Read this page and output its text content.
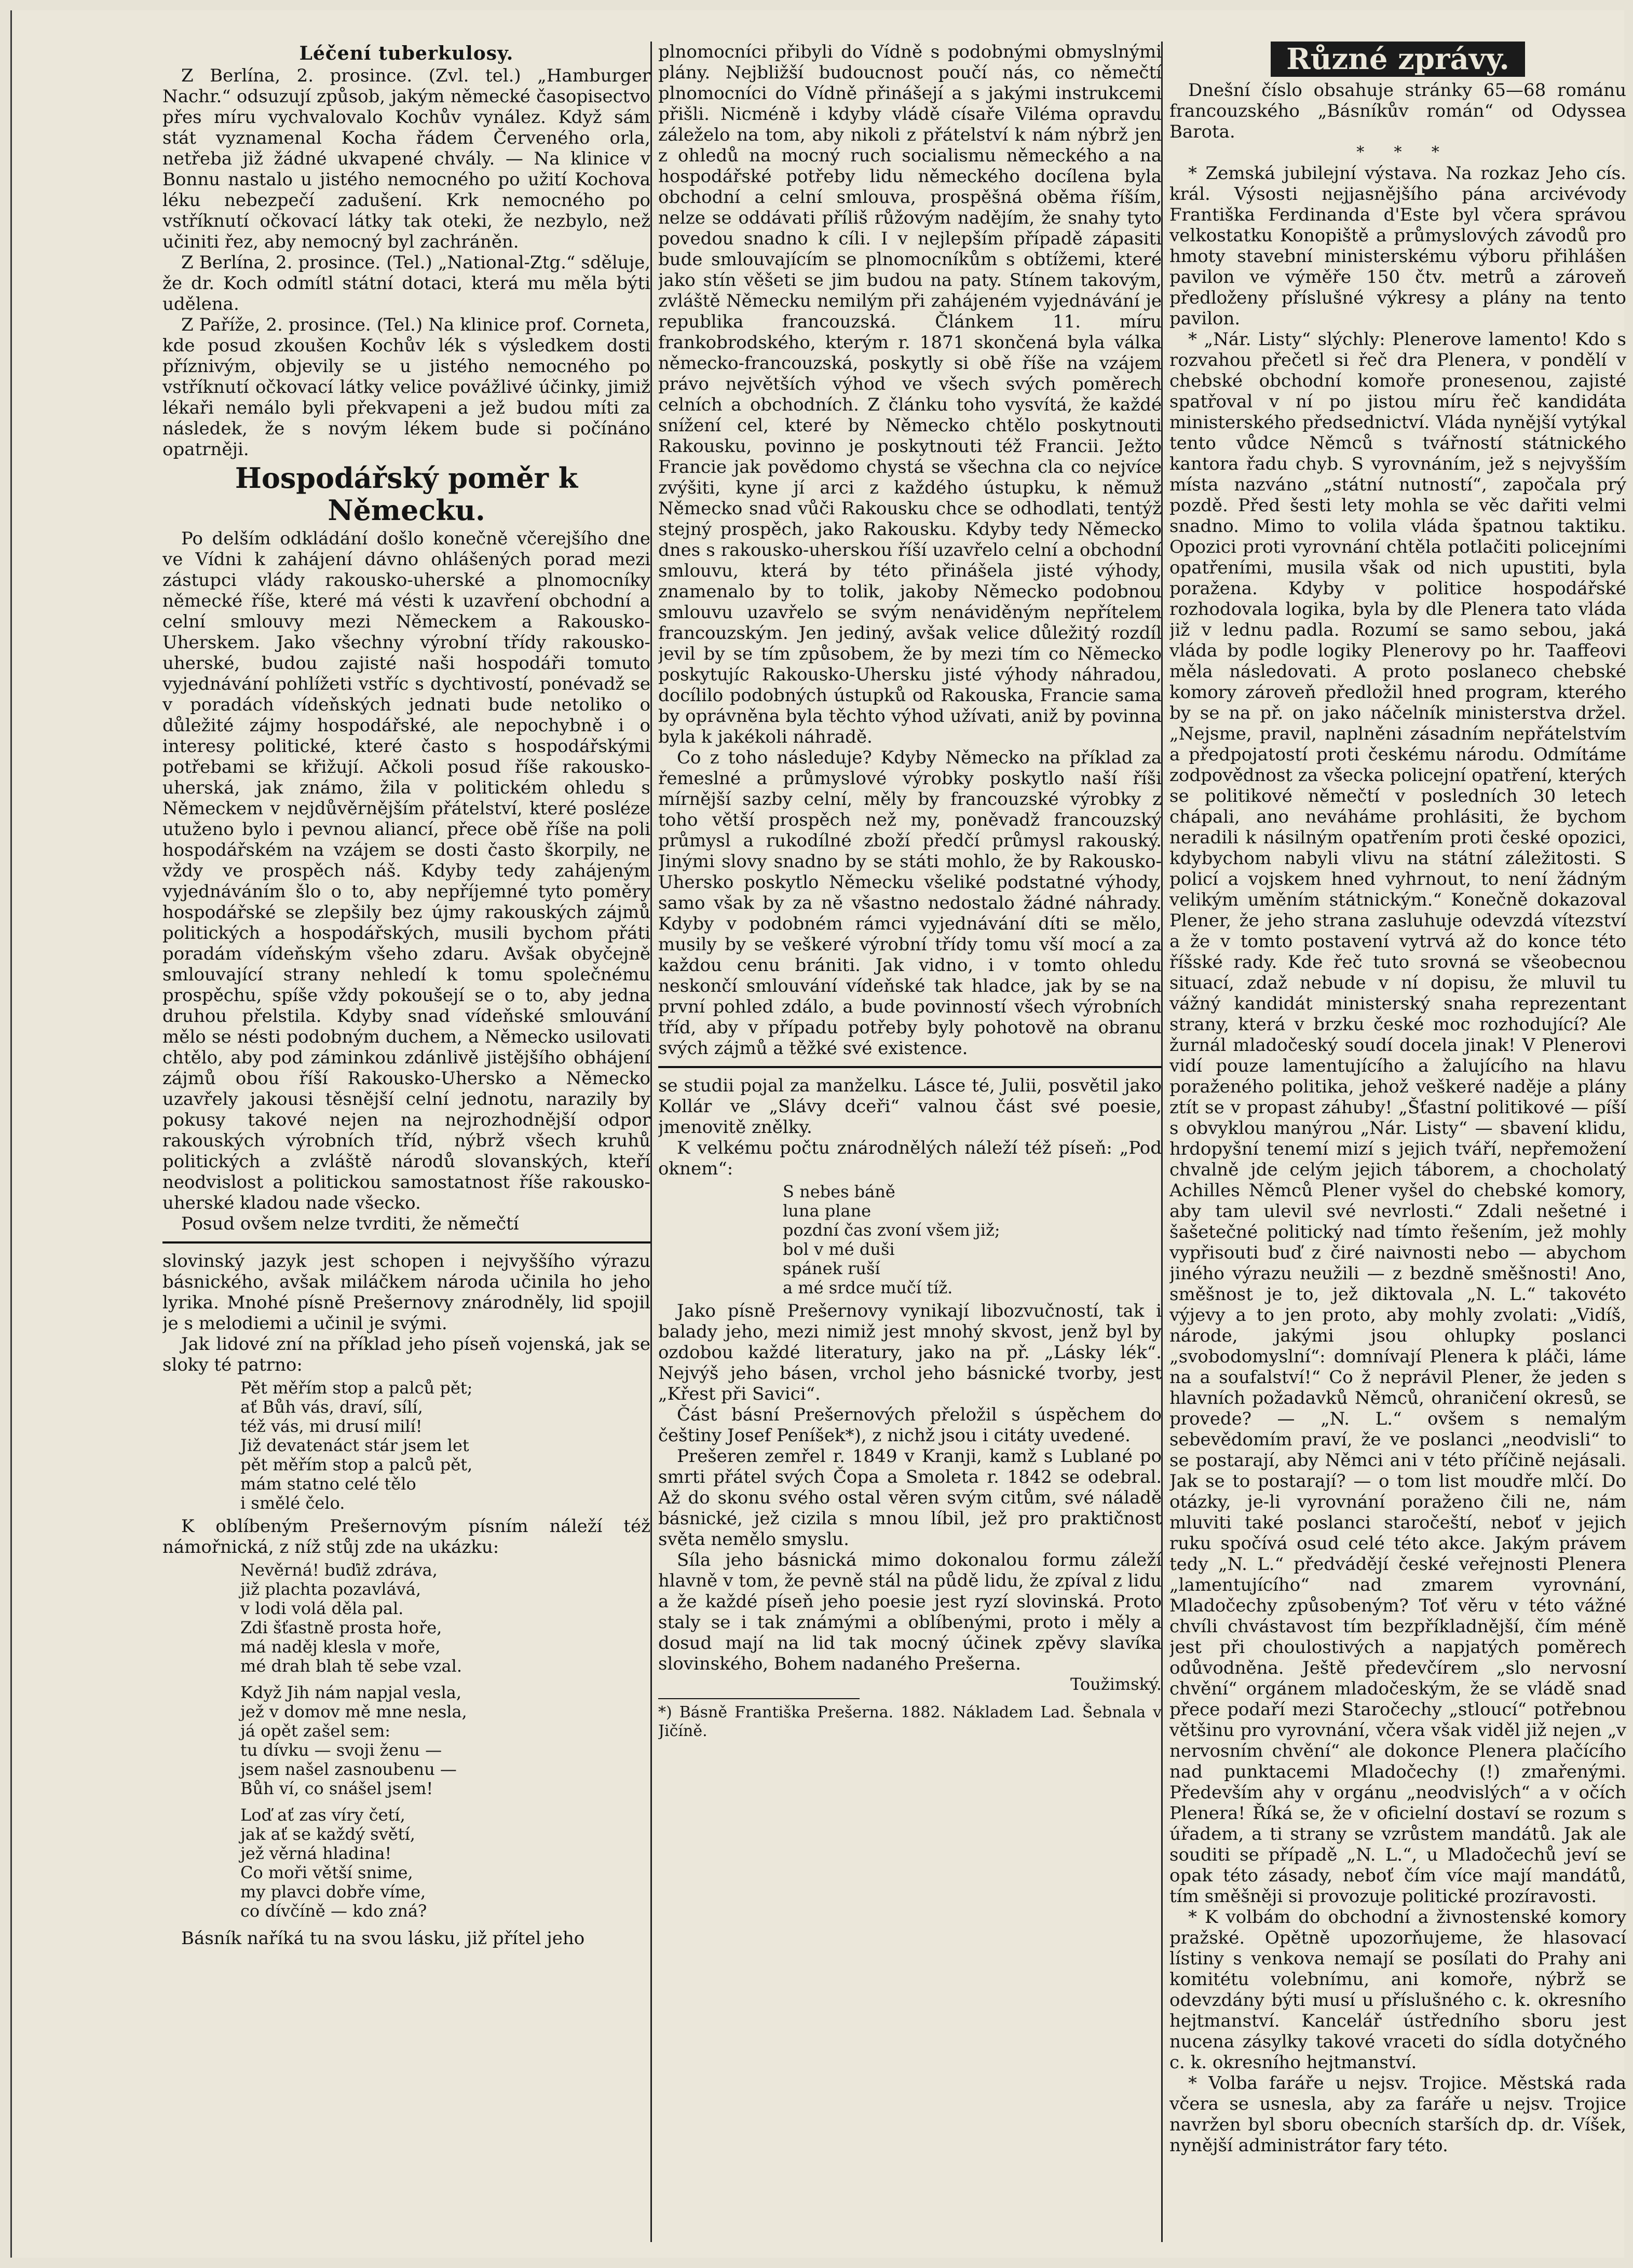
Léčení tuberkulosy.

Z Berlína, 2. prosince. (Zvl. tel.) „Hamburger Nachr.“ odsuzují způsob, jakým německé časopisectvo přes míru vychvalovalo Kochův vynález. Když sám stát vyznamenal Kocha řádem Červeného orla, netřeba již žádné ukvapené chvály. — Na klinice v Bonnu nastalo u jistého nemocného po užití Kochova léku nebezpečí zadušení. Krk nemocného po vstříknutí očkovací látky tak oteki, že nezbylo, než učiniti řez, aby nemocný byl zachráněn.

Z Berlína, 2. prosince. (Tel.) „National-Ztg.“ sděluje, že dr. Koch odmítl státní dotaci, která mu měla býti udělena.

Z Paříže, 2. prosince. (Tel.) Na klinice prof. Corneta, kde posud zkoušen Kochův lék s výsledkem dosti příznivým, objevily se u jistého nemocného po vstříknutí očkovací látky velice povážlivé účinky, jimiž lékaři nemálo byli překvapeni a jež budou míti za následek, že s novým lékem bude si počínáno opatrněji.

Hospodářský poměr k Německu.

Po delším odkládání došlo konečně včerejšího dne ve Vídni k zahájení dávno ohlášených porad mezi zástupci vlády rakousko-uherské a plnomocníky německé říše, které má vésti k uzavření obchodní a celní smlouvy mezi Německem a Rakousko-Uherskem. Jako všechny výrobní třídy rakousko-uherské, budou zajisté naši hospodáři tomuto vyjednávání pohlížeti vstříc s dychtivostí, ponévadž se v poradách vídeňských jednati bude netoliko o důležité zájmy hospodářské, ale nepochybně i o interesy politické, které často s hospodářskými potřebami se křižují. Ačkoli posud říše rakousko-uherská, jak známo, žila v politickém ohledu s Německem v nejdůvěrnějším přátelství, které posléze utuženo bylo i pevnou aliancí, přece obě říše na poli hospodářském na vzájem se dosti často škorpily, ne vždy ve prospěch náš. Kdyby tedy zahájeným vyjednáváním šlo o to, aby nepříjemné tyto poměry hospodářské se zlepšily bez újmy rakouských zájmů politických a hospodářských, musili bychom přáti poradám vídeňským všeho zdaru. Avšak obyčejně smlouvající strany nehledí k tomu společnému prospěchu, spíše vždy pokoušejí se o to, aby jedna druhou přelstila. Kdyby snad vídeňské smlouvání mělo se nésti podobným duchem, a Německo usilovati chtělo, aby pod záminkou zdánlivě jistějšího obhájení zájmů obou říší Rakousko-Uhersko a Německo uzavřely jakousi těsnější celní jednotu, narazily by pokusy takové nejen na nejrozhodnější odpor rakouských výrobních tříd, nýbrž všech kruhů politických a zvláště národů slovanských, kteří neodvislost a politickou samostatnost říše rakousko-uherské kladou nade všecko.

Posud ovšem nelze tvrditi, že němečtí

slovinský jazyk jest schopen i nejvyššího výrazu básnického, avšak miláčkem národa učinila ho jeho lyrika. Mnohé písně Prešernovy znárodněly, lid spojil je s melodiemi a učinil je svými.

Jak lidové zní na příklad jeho píseň vojenská, jak se sloky té patrno:

Pět měřím stop a palců pět;
ať Bůh vás, draví, sílí,
též vás, mi drusí milí!
Již devatenáct stár jsem let
pět měřím stop a palců pět,
mám statno celé tělo
i smělé čelo.

K oblíbeným Prešernovým písním náleží též námořnická, z níž stůj zde na ukázku:

Nevěrná! buďiž zdráva,
již plachta pozavlává,
v lodi volá děla pal.
Zdi šťastně prosta hoře,
má naděj klesla v moře,
mé drah blah tě sebe vzal.
Když Jih nám napjal vesla,
jež v domov mě mne nesla,
já opět zašel sem:
tu dívku — svoji ženu —
jsem našel zasnoubenu —
Bůh ví, co snášel jsem!
Loď ať zas víry četí,
jak ať se každý světí,
jež věrná hladina!
Co moři větší snime,
my plavci dobře víme,
co dívčíně — kdo zná?

Básník naříká tu na svou lásku, již přítel jeho

plnomocníci přibyli do Vídně s podobnými obmyslnými plány. Nejbližší budoucnost poučí nás, co němečtí plnomocníci do Vídně přinášejí a s jakými instrukcemi přišli. Nicméně i kdyby vládě císaře Viléma opravdu záleželo na tom, aby nikoli z přátelství k nám nýbrž jen z ohledů na mocný ruch socialismu německého a na hospodářské potřeby lidu německého docílena byla obchodní a celní smlouva, prospěšná oběma říším, nelze se oddávati příliš růžovým nadějím, že snahy tyto povedou snadno k cíli. I v nejlepším případě zápasiti bude smlouvajícím se plnomocníkům s obtížemi, které jako stín věšeti se jim budou na paty. Stínem takovým, zvláště Německu nemilým při zahájeném vyjednávání je republika francouzská. Článkem 11. míru frankobrodského, kterým r. 1871 skončená byla válka německo-francouzská, poskytly si obě říše na vzájem právo největších výhod ve všech svých poměrech celních a obchodních. Z článku toho vysvítá, že každé snížení cel, které by Německo chtělo poskytnouti Rakousku, povinno je poskytnouti též Francii. Ježto Francie jak povědomo chystá se všechna cla co nejvíce zvýšiti, kyne jí arci z každého ústupku, k němuž Německo snad vůči Rakousku chce se odhodlati, tentýž stejný prospěch, jako Rakousku. Kdyby tedy Německo dnes s rakousko-uherskou říší uzavřelo celní a obchodní smlouvu, která by této přinášela jisté výhody, znamenalo by to tolik, jakoby Německo podobnou smlouvu uzavřelo se svým nenáviděným nepřítelem francouzským. Jen jediný, avšak velice důležitý rozdíl jevil by se tím způsobem, že by mezi tím co Německo poskytujíc Rakousko-Uhersku jisté výhody náhradou, docílilo podobných ústupků od Rakouska, Francie sama by oprávněna byla těchto výhod užívati, aniž by povinna byla k jakékoli náhradě.

Co z toho následuje? Kdyby Německo na příklad za řemeslné a průmyslové výrobky poskytlo naší říši mírnější sazby celní, měly by francouzské výrobky z toho větší prospěch než my, poněvadž francouzský průmysl a rukodílné zboží předčí průmysl rakouský. Jinými slovy snadno by se státi mohlo, že by Rakousko-Uhersko poskytlo Německu všeliké podstatné výhody, samo však by za ně všastno nedostalo žádné náhrady. Kdyby v podobném rámci vyjednávání díti se mělo, musily by se veškeré výrobní třídy tomu vší mocí a za každou cenu brániti. Jak vidno, i v tomto ohledu neskončí smlouvání vídeňské tak hladce, jak by se na první pohled zdálo, a bude povinností všech výrobních tříd, aby v případu potřeby byly pohotově na obranu svých zájmů a těžké své existence.

se studii pojal za manželku. Lásce té, Julii, posvětil jako Kollár ve „Slávy dceři“ valnou část své poesie, jmenovitě znělky.

K velkému počtu znárodnělých náleží též píseň: „Pod oknem“:

S nebes báně
luna plane
pozdní čas zvoní všem již;
bol v mé duši
spánek ruší
a mé srdce mučí tíž.

Jako písně Prešernovy vynikají libozvučností, tak i balady jeho, mezi nimiž jest mnohý skvost, jenž byl by ozdobou každé literatury, jako na př. „Lásky lék“. Nejvýš jeho básen, vrchol jeho básnické tvorby, jest „Křest při Savici“.

Část básní Prešernových přeložil s úspěchem do češtiny Josef Peníšek*), z nichž jsou i citáty uvedené.

Prešeren zemřel r. 1849 v Kranji, kamž s Lublané po smrti přátel svých Čopa a Smoleta r. 1842 se odebral. Až do skonu svého ostal věren svým citům, své náladě básnické, jež cizila s mnou líbil, jež pro praktičnost světa nemělo smyslu.

Síla jeho básnická mimo dokonalou formu záleží hlavně v tom, že pevně stál na půdě lidu, že zpíval z lidu a že každé píseň jeho poesie jest ryzí slovinská. Proto staly se i tak známými a oblíbenými, proto i měly a dosud mají na lid tak mocný účinek zpěvy slavíka slovinského, Bohem nadaného Prešerna.

Toužimský.
*) Básně Františka Prešerna. 1882. Nákladem Lad. Šebnala v Jičíně.
Různé zprávy.

Dnešní číslo obsahuje stránky 65—68 románu francouzského „Básníkův román“ od Odyssea Barota.

*      *      *

* Zemská jubilejní výstava. Na rozkaz Jeho cís. král. Výsosti nejjasnějšího pána arcivévody Františka Ferdinanda d'Este byl včera správou velkostatku Konopiště a průmyslových závodů pro hmoty stavební ministerskému výboru přihlášen pavilon ve výměře 150 čtv. metrů a zároveň předloženy příslušné výkresy a plány na tento pavilon.

* „Nár. Listy“ slýchly: Plenerove lamento! Kdo s rozvahou přečetl si řeč dra Plenera, v pondělí v chebské obchodní komoře pronesenou, zajisté spatřoval v ní po jistou míru řeč kandidáta ministerského předsednictví. Vláda nynější vytýkal tento vůdce Němců s tvářností státnického kantora řadu chyb. S vyrovnáním, jež s nejvyšším místa nazváno „státní nutností“, započala prý pozdě. Před šesti lety mohla se věc dařiti velmi snadno. Mimo to volila vláda špatnou taktiku. Opozici proti vyrovnání chtěla potlačiti policejními opatřeními, musila však od nich upustiti, byla poražena. Kdyby v politice hospodářské rozhodovala logika, byla by dle Plenera tato vláda již v lednu padla. Rozumí se samo sebou, jaká vláda by podle logiky Plenerovy po hr. Taaffeovi měla následovati. A proto poslaneco chebské komory zároveň předložil hned program, kterého by se na př. on jako náčelník ministerstva držel. „Nejsme, pravil, naplněni zásadním nepřátelstvím a předpojatostí proti českému národu. Odmítáme zodpovědnost za všecka policejní opatření, kterých se politikové němečtí v posledních 30 letech chápali, ano neváháme prohlásiti, že bychom neradili k násilným opatřením proti české opozici, kdybychom nabyli vlivu na státní záležitosti. S policí a vojskem hned vyhrnout, to není žádným velikým uměním státnickým.“ Konečně dokazoval Plener, že jeho strana zasluhuje odevzdá vítezství a že v tomto postavení vytrvá až do konce této říšské rady. Kde řeč tuto srovná se všeobecnou situací, zdaž nebude v ní dopisu, že mluvil tu vážný kandidát ministerský snaha reprezentant strany, která v brzku české moc rozhodující? Ale žurnál mladočeský soudí docela jinak! V Plenerovi vidí pouze lamentujícího a žalujícího na hlavu poraženého politika, jehož veškeré naděje a plány ztít se v propast záhuby! „Šťastní politikové — píší s obvyklou manýrou „Nár. Listy“ — sbavení klidu, hrdopyšní tenemí mizí s jejich tváří, nepřemožení chvalně jde celým jejich táborem, a chocholatý Achilles Němců Plener vyšel do chebské komory, aby tam ulevil své nevrlosti.“ Zdali nešetné i šašetečné politický nad tímto řešením, jež mohly vypřisouti buď z čiré naivnosti nebo — abychom jiného výrazu neužili — z bezdně směšnosti! Ano, směšnost je to, jež diktovala „N. L.“ takovéto výjevy a to jen proto, aby mohly zvolati: „Vidíš, národe, jakými jsou ohlupky poslanci „svobodomyslní“: domnívají Plenera k pláči, láme na a soufalství!“ Co ž neprávil Plener, že jeden s hlavních požadavků Němců, ohraničení okresů, se provede? — „N. L.“ ovšem s nemalým sebevědomím praví, že ve poslanci „neodvisli“ to se postarají, aby Němci ani v této příčině nejásali. Jak se to postarají? — o tom list moudře mlčí. Do otázky, je-li vyrovnání poraženo čili ne, nám mluviti také poslanci staročeští, neboť v jejich ruku spočívá osud celé této akce. Jakým právem tedy „N. L.“ předvádějí české veřejnosti Plenera „lamentujícího“ nad zmarem vyrovnání, Mladočechy způsobeným? Toť věru v této vážné chvíli chvástavost tím bezpříkladnější, čím méně jest při choulostivých a napjatých poměrech odůvodněna. Ještě předevčírem „slo nervosní chvění“ orgánem mladočeským, že se vládě snad přece podaří mezi Staročechy „stloucí“ potřebnou většinu pro vyrovnání, včera však viděl již nejen „v nervosním chvění“ ale dokonce Plenera plačícího nad punktacemi Mladočechy (!) zmařenými. Především ahy v orgánu „neodvislých“ a v očích Plenera! Říká se, že v oficielní dostaví se rozum s úřadem, a ti strany se vzrůstem mandátů. Jak ale souditi se případě „N. L.“, u Mladočechů jeví se opak této zásady, neboť čím více mají mandátů, tím směšněji si provozuje politické prozíravosti.

* K volbám do obchodní a živnostenské komory pražské. Opětně upozorňujeme, že hlasovací lístiny s venkova nemají se posílati do Prahy ani komitétu volebnímu, ani komoře, nýbrž se odevzdány býti musí u příslušného c. k. okresního hejtmanství. Kancelář ústředního sboru jest nucena zásylky takové vraceti do sídla dotyčného c. k. okresního hejtmanství.

* Volba faráře u nejsv. Trojice. Městská rada včera se usnesla, aby za faráře u nejsv. Trojice navržen byl sboru obecních starších dp. dr. Víšek, nynější administrátor fary této.
